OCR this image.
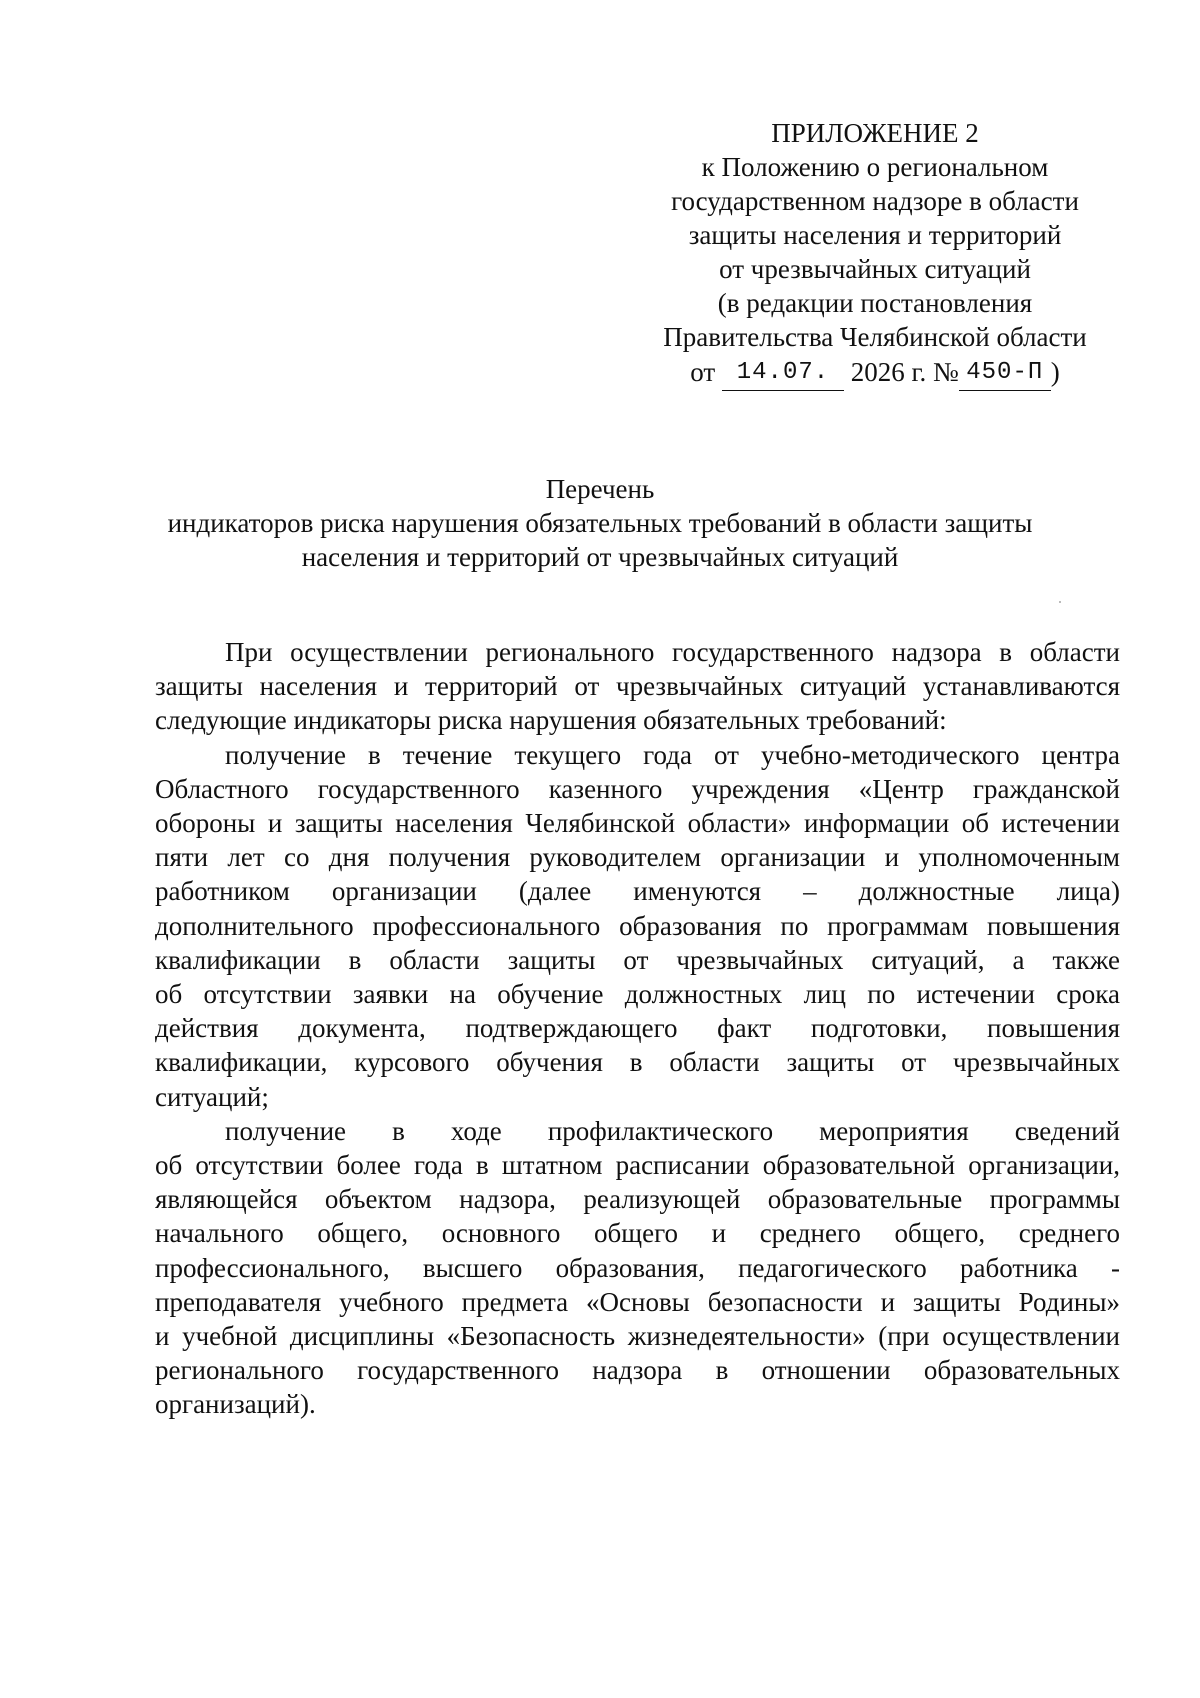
ПРИЛОЖЕНИЕ 2
к Положению о региональном
государственном надзоре в области
защиты населения и территорий
от чрезвычайных ситуаций
(в редакции постановления
Правительства Челябинской области
от 14.07. 2026 г. № 450-П )
Перечень
индикаторов риска нарушения обязательных требований в области защиты
населения и территорий от чрезвычайных ситуаций

При осуществлении регионального государственного надзора в области
защиты населения и территорий от чрезвычайных ситуаций устанавливаются
следующие индикаторы риска нарушения обязательных требований:

получение в течение текущего года от учебно-методического центра
Областного государственного казенного учреждения «Центр гражданской
обороны и защиты населения Челябинской области» информации об истечении
пяти лет со дня получения руководителем организации и уполномоченным
работником организации (далее именуются – должностные лица)
дополнительного профессионального образования по программам повышения
квалификации в области защиты от чрезвычайных ситуаций, а также
об отсутствии заявки на обучение должностных лиц по истечении срока
действия документа, подтверждающего факт подготовки, повышения
квалификации, курсового обучения в области защиты от чрезвычайных
ситуаций;

получение в ходе профилактического мероприятия сведений
об отсутствии более года в штатном расписании образовательной организации,
являющейся объектом надзора, реализующей образовательные программы
начального общего, основного общего и среднего общего, среднего
профессионального, высшего образования, педагогического работника -
преподавателя учебного предмета «Основы безопасности и защиты Родины»
и учебной дисциплины «Безопасность жизнедеятельности» (при осуществлении
регионального государственного надзора в отношении образовательных
организаций).
